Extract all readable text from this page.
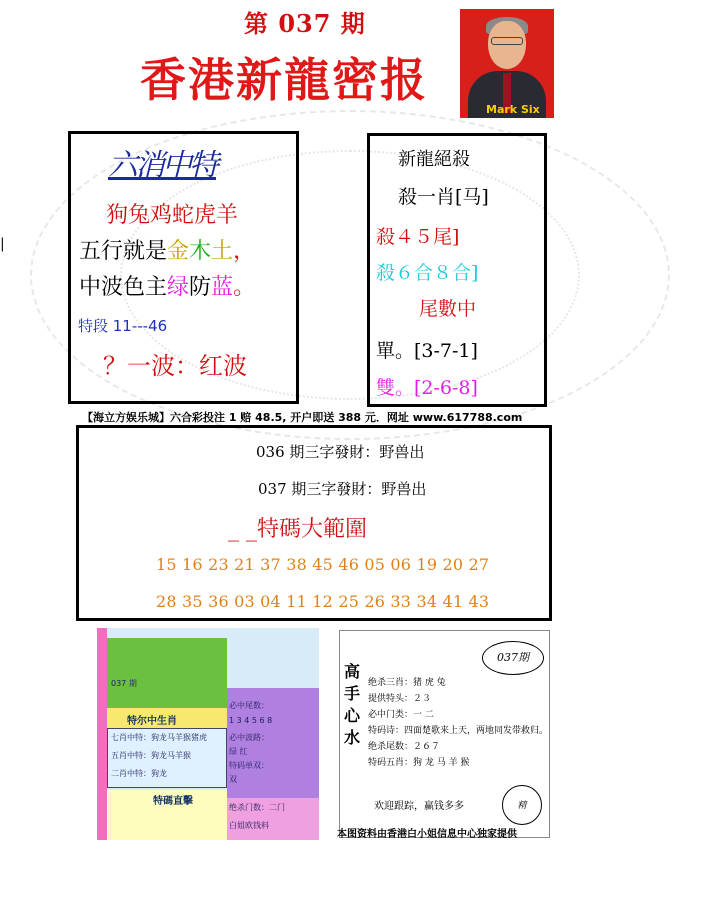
|
第 037 期
香港新龍密报
Mark Six
六消中特
狗兔鸡蛇虎羊
五行就是金木土，
中波色主绿防蓝。
特段 11---46
？一波：红波
新龍絕殺
殺一肖[马]
殺４５尾]
殺６合８合]
尾數中
單。[3-7-1]
雙。[2-6-8]
【海立方娱乐城】六合彩投注 1 赔 48.5, 开户即送 388 元．网址 www.617788.com
036 期三字發財：野兽出
037 期三字發財：野兽出
_ _特碼大範圍
15 16 23 21 37 38 45 46 05 06 19 20 27
28 35 36 03 04 11 12 25 26 33 34 41 43
037 期
特尔中生肖
七肖中特：狗龙马羊猴猪虎
五肖中特：狗龙马羊猴
二肖中特：狗龙
特碼直擊
必中尾数：
1 3 4 5 6 8
必中波路：
绿 红
特码单双：
双
绝杀门数：二门
白姐欧钱料
高手心水
037期
绝杀三肖：猪 虎 兔
提供特头：２３
必中门类：一 二
特码诗：四面楚歌来上天，两地同发带救归。
绝杀尾数：２６７
特码五肖：狗 龙 马 羊 猴
精
欢迎跟踪，赢钱多多
本图资料由香港白小姐信息中心独家提供
